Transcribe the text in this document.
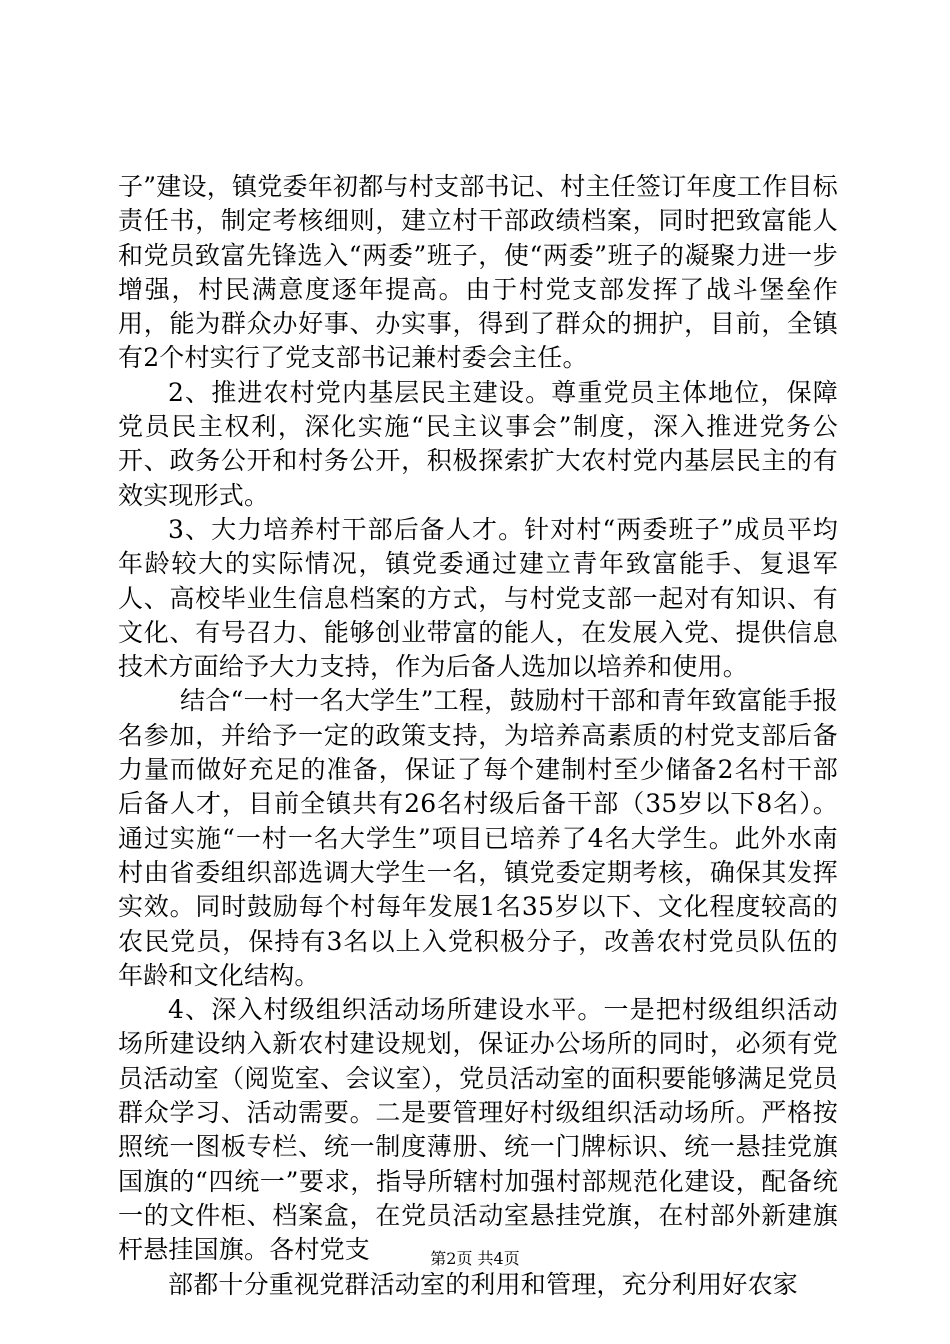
子”建设，镇党委年初都与村支部书记、村主任签订年度工作目标责任书，制定考核细则，建立村干部政绩档案，同时把致富能人和党员致富先锋选入“两委”班子，使“两委”班子的凝聚力进一步增强，村民满意度逐年提高。由于村党支部发挥了战斗堡垒作用，能为群众办好事、办实事，得到了群众的拥护，目前，全镇有2个村实行了党支部书记兼村委会主任。

2、推进农村党内基层民主建设。尊重党员主体地位，保障党员民主权利，深化实施“民主议事会”制度，深入推进党务公开、政务公开和村务公开，积极探索扩大农村党内基层民主的有效实现形式。

3、大力培养村干部后备人才。针对村“两委班子”成员平均年龄较大的实际情况，镇党委通过建立青年致富能手、复退军人、高校毕业生信息档案的方式，与村党支部一起对有知识、有文化、有号召力、能够创业带富的能人，在发展入党、提供信息技术方面给予大力支持，作为后备人选加以培养和使用。

结合“一村一名大学生”工程，鼓励村干部和青年致富能手报名参加，并给予一定的政策支持，为培养高素质的村党支部后备力量而做好充足的准备，保证了每个建制村至少储备2名村干部后备人才，目前全镇共有26名村级后备干部（35岁以下8名）。通过实施“一村一名大学生”项目已培养了4名大学生。此外水南村由省委组织部选调大学生一名，镇党委定期考核，确保其发挥实效。同时鼓励每个村每年发展1名35岁以下、文化程度较高的农民党员，保持有3名以上入党积极分子，改善农村党员队伍的年龄和文化结构。

4、深入村级组织活动场所建设水平。一是把村级组织活动场所建设纳入新农村建设规划，保证办公场所的同时，必须有党员活动室（阅览室、会议室），党员活动室的面积要能够满足党员群众学习、活动需要。二是要管理好村级组织活动场所。严格按照统一图板专栏、统一制度薄册、统一门牌标识、统一悬挂党旗国旗的“四统一”要求，指导所辖村加强村部规范化建设，配备统一的文件柜、档案盒，在党员活动室悬挂党旗，在村部外新建旗杆悬挂国旗。各村党支

部都十分重视党群活动室的利用和管理，充分利用好农家

第2页 共4页
